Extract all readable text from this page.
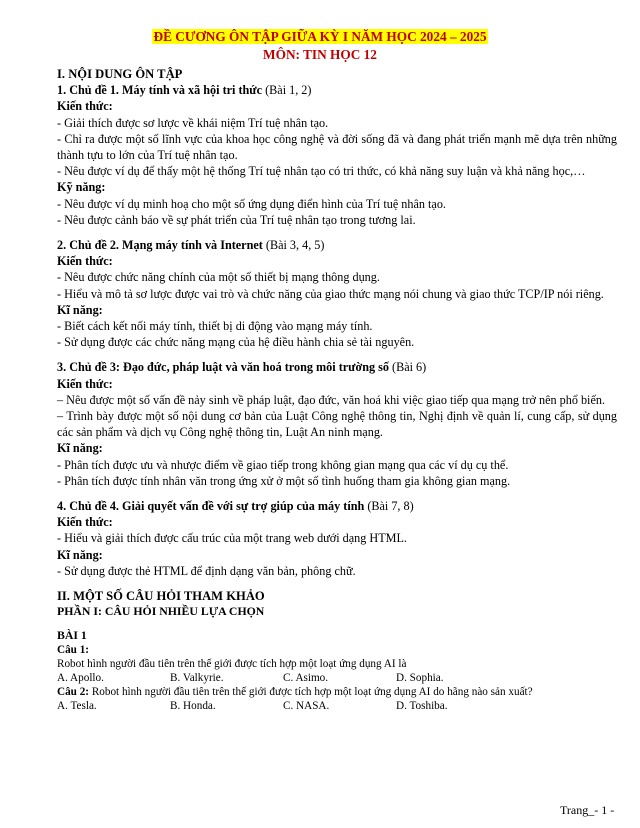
ĐỀ CƯƠNG ÔN TẬP GIỮA KỲ I NĂM HỌC 2024 – 2025
MÔN: TIN HỌC 12

I. NỘI DUNG ÔN TẬP

1. Chủ đề 1. Máy tính và xã hội tri thức (Bài 1, 2)

Kiến thức:

- Giải thích được sơ lược về khái niệm Trí tuệ nhân tạo.

- Chỉ ra được một số lĩnh vực của khoa học công nghệ và đời sống đã và đang phát triển mạnh mẽ dựa trên những thành tựu to lớn của Trí tuệ nhân tạo.

- Nêu được ví dụ để thấy một hệ thống Trí tuệ nhân tạo có tri thức, có khả năng suy luận và khả năng học,…

Kỹ năng:

- Nêu được ví dụ minh hoạ cho một số ứng dụng điển hình của Trí tuệ nhân tạo.

- Nêu được cảnh báo về sự phát triển của Trí tuệ nhân tạo trong tương lai.

2. Chủ đề 2. Mạng máy tính và Internet (Bài 3, 4, 5)

Kiến thức:

- Nêu được chức năng chính của một số thiết bị mạng thông dụng.

- Hiểu và mô tả sơ lược được vai trò và chức năng của giao thức mạng nói chung và giao thức TCP/IP nói riêng.

Kĩ năng:

- Biết cách kết nối máy tính, thiết bị di động vào mạng máy tính.

- Sử dụng được các chức năng mạng của hệ điều hành chia sẻ tài nguyên.

3. Chủ đề 3: Đạo đức, pháp luật và văn hoá trong môi trường số (Bài 6)

Kiến thức:

– Nêu được một số vấn đề nảy sinh về pháp luật, đạo đức, văn hoá khi việc giao tiếp qua mạng trở nên phổ biến.

– Trình bày được một số nội dung cơ bản của Luật Công nghệ thông tin, Nghị định về quản lí, cung cấp, sử dụng các sản phẩm và dịch vụ Công nghệ thông tin, Luật An ninh mạng.

Kĩ năng:

- Phân tích được ưu và nhược điểm về giao tiếp trong không gian mạng qua các ví dụ cụ thể.

- Phân tích được tính nhân văn trong ứng xử ở một số tình huống tham gia không gian mạng.

4. Chủ đề 4. Giải quyết vấn đề với sự trợ giúp của máy tính (Bài 7, 8)

Kiến thức:

- Hiểu và giải thích được cấu trúc của một trang web dưới dạng HTML.

Kĩ năng:

- Sử dụng được thẻ HTML để định dạng văn bản, phông chữ.

II. MỘT SỐ CÂU HỎI THAM KHẢO

PHẦN I: CÂU HỎI NHIỀU LỰA CHỌN

BÀI 1

Câu 1:

Robot hình người đầu tiên trên thế giới được tích hợp một loạt ứng dụng AI là

A. Apollo.	B. Valkyrie.	C. Asimo.	D. Sophia.

Câu 2: Robot hình người đầu tiên trên thế giới được tích hợp một loạt ứng dụng AI do hãng nào sản xuất?

A. Tesla.	B. Honda.	C. NASA.	D. Toshiba.
Trang_- 1 -
